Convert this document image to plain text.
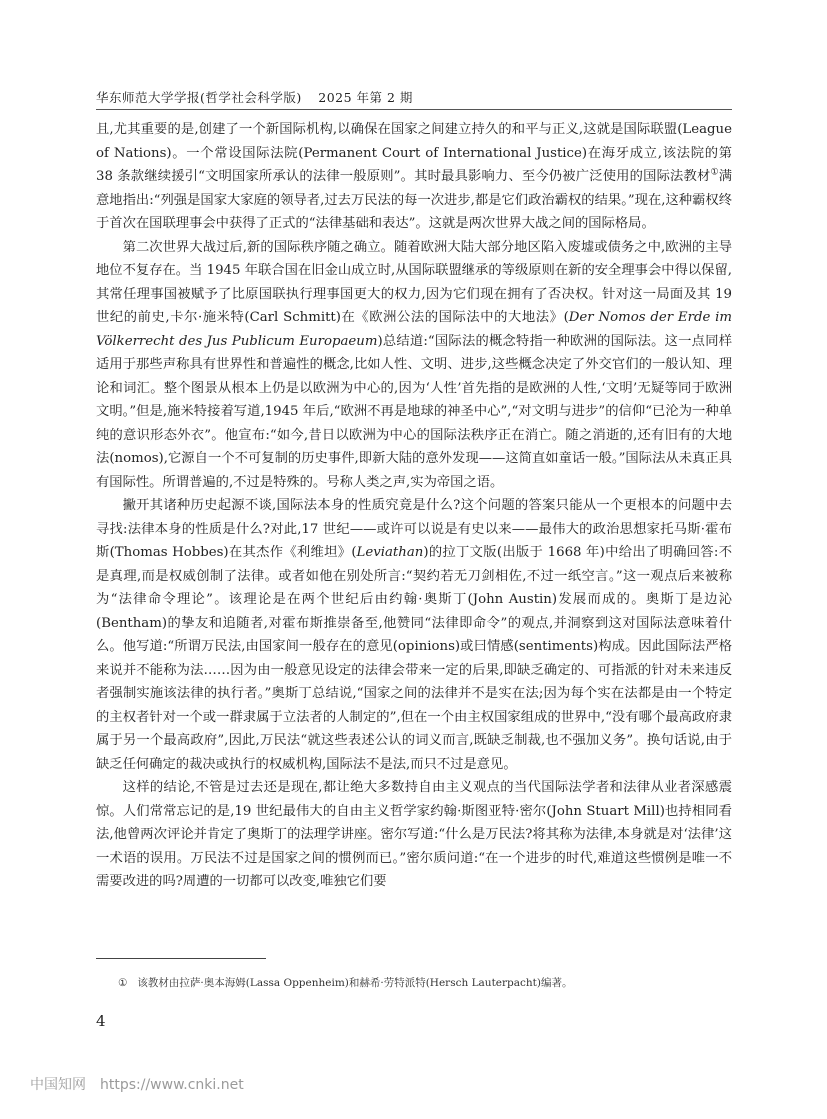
华东师范大学学报(哲学社会科学版) 2025 年第 2 期

且,尤其重要的是,创建了一个新国际机构,以确保在国家之间建立持久的和平与正义,这就是国际联盟(League of Nations)。一个常设国际法院(Permanent Court of International Justice)在海牙成立,该法院的第 38 条款继续援引“文明国家所承认的法律一般原则”。其时最具影响力、至今仍被广泛使用的国际法教材①满意地指出:“列强是国家大家庭的领导者,过去万民法的每一次进步,都是它们政治霸权的结果。”现在,这种霸权终于首次在国联理事会中获得了正式的“法律基础和表达”。这就是两次世界大战之间的国际格局。

第二次世界大战过后,新的国际秩序随之确立。随着欧洲大陆大部分地区陷入废墟或债务之中,欧洲的主导地位不复存在。当 1945 年联合国在旧金山成立时,从国际联盟继承的等级原则在新的安全理事会中得以保留,其常任理事国被赋予了比原国联执行理事国更大的权力,因为它们现在拥有了否决权。针对这一局面及其 19 世纪的前史,卡尔·施米特(Carl Schmitt)在《欧洲公法的国际法中的大地法》(Der Nomos der Erde im Völkerrecht des Jus Publicum Europaeum)总结道:“国际法的概念特指一种欧洲的国际法。这一点同样适用于那些声称具有世界性和普遍性的概念,比如人性、文明、进步,这些概念决定了外交官们的一般认知、理论和词汇。整个图景从根本上仍是以欧洲为中心的,因为‘人性’首先指的是欧洲的人性,‘文明’无疑等同于欧洲文明。”但是,施米特接着写道,1945 年后,“欧洲不再是地球的神圣中心”,“对文明与进步”的信仰“已沦为一种单纯的意识形态外衣”。他宣布:“如今,昔日以欧洲为中心的国际法秩序正在消亡。随之消逝的,还有旧有的大地法(nomos),它源自一个不可复制的历史事件,即新大陆的意外发现——这简直如童话一般。”国际法从未真正具有国际性。所谓普遍的,不过是特殊的。号称人类之声,实为帝国之语。

撇开其诸种历史起源不谈,国际法本身的性质究竟是什么?这个问题的答案只能从一个更根本的问题中去寻找:法律本身的性质是什么?对此,17 世纪——或许可以说是有史以来——最伟大的政治思想家托马斯·霍布斯(Thomas Hobbes)在其杰作《利维坦》(Leviathan)的拉丁文版(出版于 1668 年)中给出了明确回答:不是真理,而是权威创制了法律。或者如他在别处所言:“契约若无刀剑相佐,不过一纸空言。”这一观点后来被称为“法律命令理论”。该理论是在两个世纪后由约翰·奥斯丁(John Austin)发展而成的。奥斯丁是边沁(Bentham)的挚友和追随者,对霍布斯推崇备至,他赞同“法律即命令”的观点,并洞察到这对国际法意味着什么。他写道:“所谓万民法,由国家间一般存在的意见(opinions)或曰情感(sentiments)构成。因此国际法严格来说并不能称为法……因为由一般意见设定的法律会带来一定的后果,即缺乏确定的、可指派的针对未来违反者强制实施该法律的执行者。”奥斯丁总结说,“国家之间的法律并不是实在法;因为每个实在法都是由一个特定的主权者针对一个或一群隶属于立法者的人制定的”,但在一个由主权国家组成的世界中,“没有哪个最高政府隶属于另一个最高政府”,因此,万民法“就这些表述公认的词义而言,既缺乏制裁,也不强加义务”。换句话说,由于缺乏任何确定的裁决或执行的权威机构,国际法不是法,而只不过是意见。

这样的结论,不管是过去还是现在,都让绝大多数持自由主义观点的当代国际法学者和法律从业者深感震惊。人们常常忘记的是,19 世纪最伟大的自由主义哲学家约翰·斯图亚特·密尔(John Stuart Mill)也持相同看法,他曾两次评论并肯定了奥斯丁的法理学讲座。密尔写道:“什么是万民法?将其称为法律,本身就是对‘法律’这一术语的误用。万民法不过是国家之间的惯例而已。”密尔质问道:“在一个进步的时代,难道这些惯例是唯一不需要改进的吗?周遭的一切都可以改变,唯独它们要

① 该教材由拉萨·奥本海姆(Lassa Oppenheim)和赫希·劳特派特(Hersch Lauterpacht)编著。
4
中国知网 https://www.cnki.net
